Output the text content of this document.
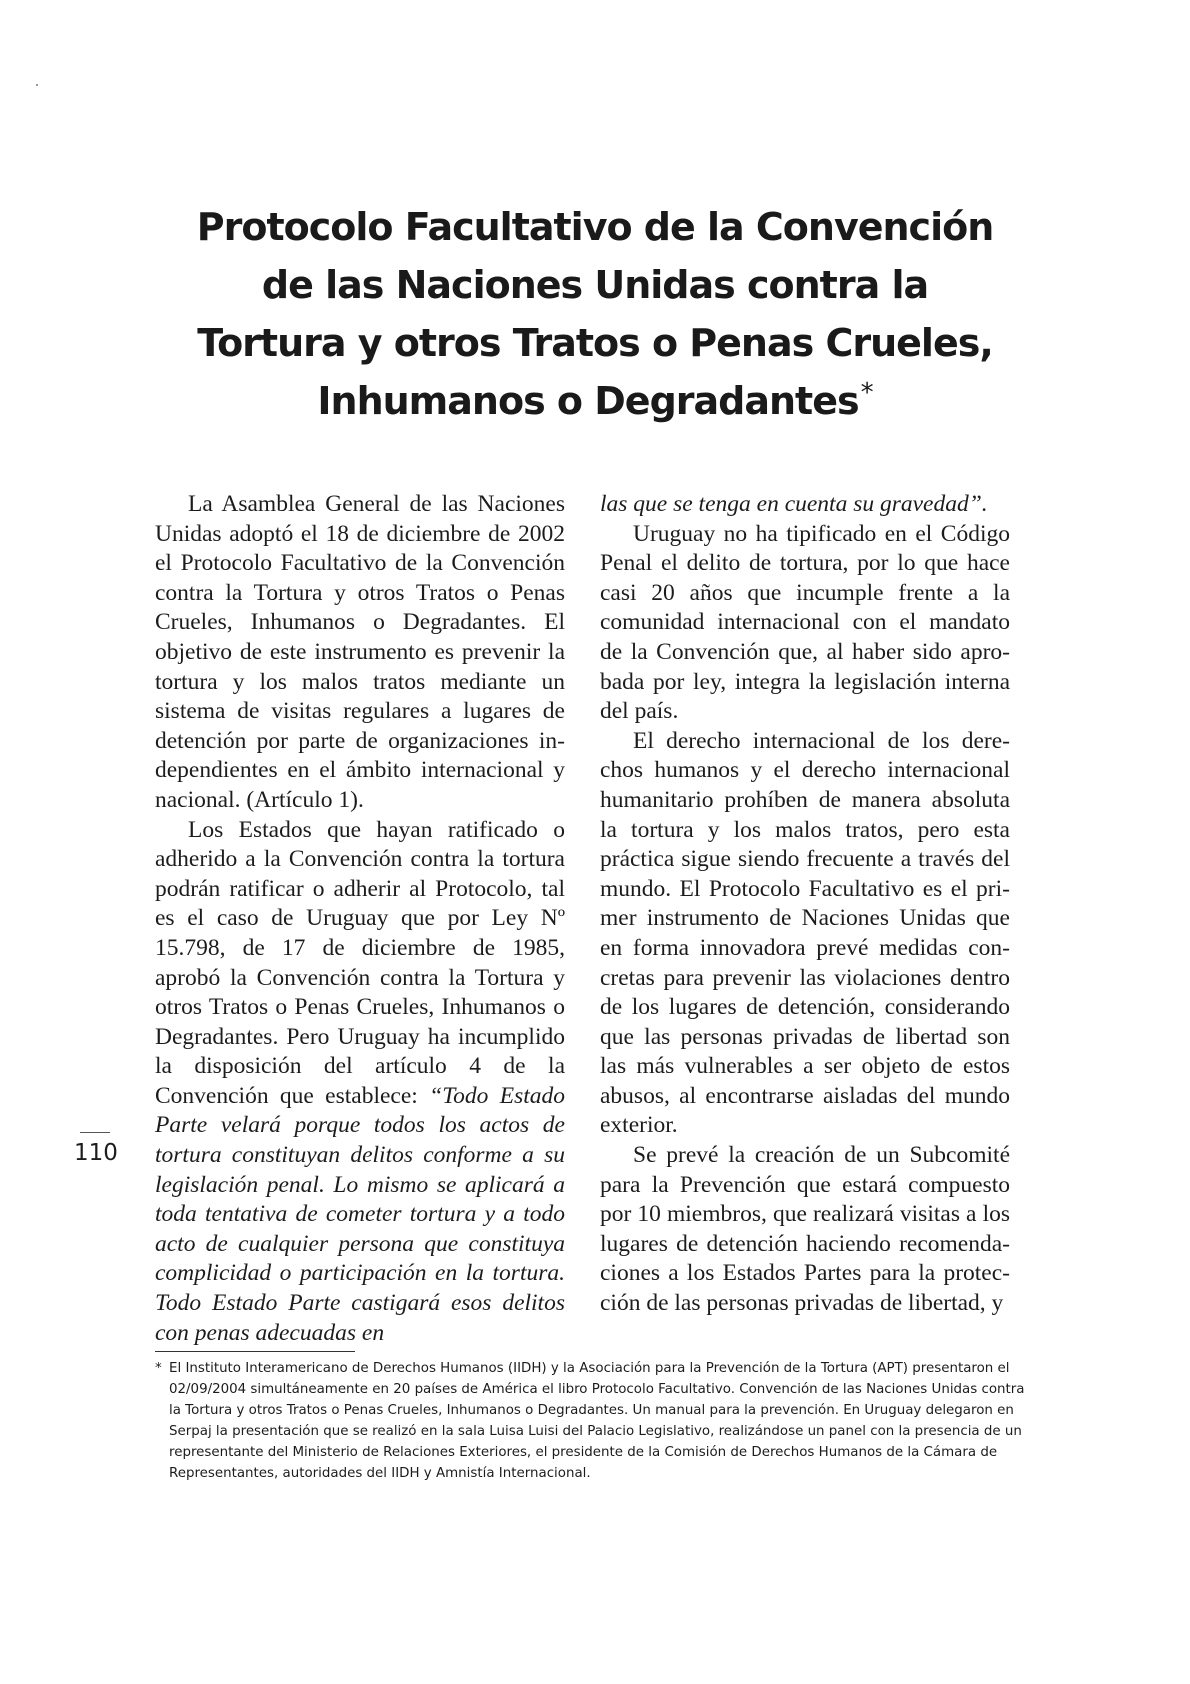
Protocolo Facultativo de la Convención
de las Naciones Unidas contra la
Tortura y otros Tratos o Penas Crueles,
Inhumanos o Degradantes*

La Asamblea General de las Naciones Unidas adoptó el 18 de diciembre de 2002 el Protocolo Facultativo de la Convención contra la Tortura y otros Tratos o Penas Crueles, Inhumanos o Degradantes. El objetivo de este instrumento es prevenir la tortura y los malos tratos mediante un sistema de visitas regulares a lugares de detención por parte de organizaciones independientes en el ámbito internacional y nacional. (Artículo 1).

Los Estados que hayan ratificado o adherido a la Convención contra la tortura podrán ratificar o adherir al Protocolo, tal es el caso de Uruguay que por Ley Nº 15.798, de 17 de diciembre de 1985, aprobó la Convención contra la Tortura y otros Tratos o Penas Crueles, Inhumanos o Degradantes. Pero Uruguay ha incumplido la disposición del artículo 4 de la Convención que establece: “Todo Estado Parte velará porque todos los actos de tortura constituyan delitos conforme a su legislación penal. Lo mismo se aplicará a toda tentativa de cometer tortura y a todo acto de cualquier persona que constituya complicidad o participación en la tortura. Todo Estado Parte castigará esos delitos con penas adecuadas en

las que se tenga en cuenta su gravedad”.

Uruguay no ha tipificado en el Código Penal el delito de tortura, por lo que hace casi 20 años que incumple frente a la comunidad internacional con el mandato de la Convención que, al haber sido aprobada por ley, integra la legislación interna del país.

El derecho internacional de los derechos humanos y el derecho internacional humanitario prohíben de manera absoluta la tortura y los malos tratos, pero esta práctica sigue siendo frecuente a través del mundo. El Protocolo Facultativo es el primer instrumento de Naciones Unidas que en forma innovadora prevé medidas concretas para prevenir las violaciones dentro de los lugares de detención, considerando que las personas privadas de libertad son las más vulnerables a ser objeto de estos abusos, al encontrarse aisladas del mundo exterior.

Se prevé la creación de un Subcomité para la Prevención que estará compuesto por 10 miembros, que realizará visitas a los lugares de detención haciendo recomendaciones a los Estados Partes para la protección de las personas privadas de libertad, y

110
* El Instituto Interamericano de Derechos Humanos (IIDH) y la Asociación para la Prevención de la Tortura (APT) presentaron el
02/09/2004 simultáneamente en 20 países de América el libro Protocolo Facultativo. Convención de las Naciones Unidas contra
la Tortura y otros Tratos o Penas Crueles, Inhumanos o Degradantes. Un manual para la prevención. En Uruguay delegaron en
Serpaj la presentación que se realizó en la sala Luisa Luisi del Palacio Legislativo, realizándose un panel con la presencia de un
representante del Ministerio de Relaciones Exteriores, el presidente de la Comisión de Derechos Humanos de la Cámara de
Representantes, autoridades del IIDH y Amnistía Internacional.
